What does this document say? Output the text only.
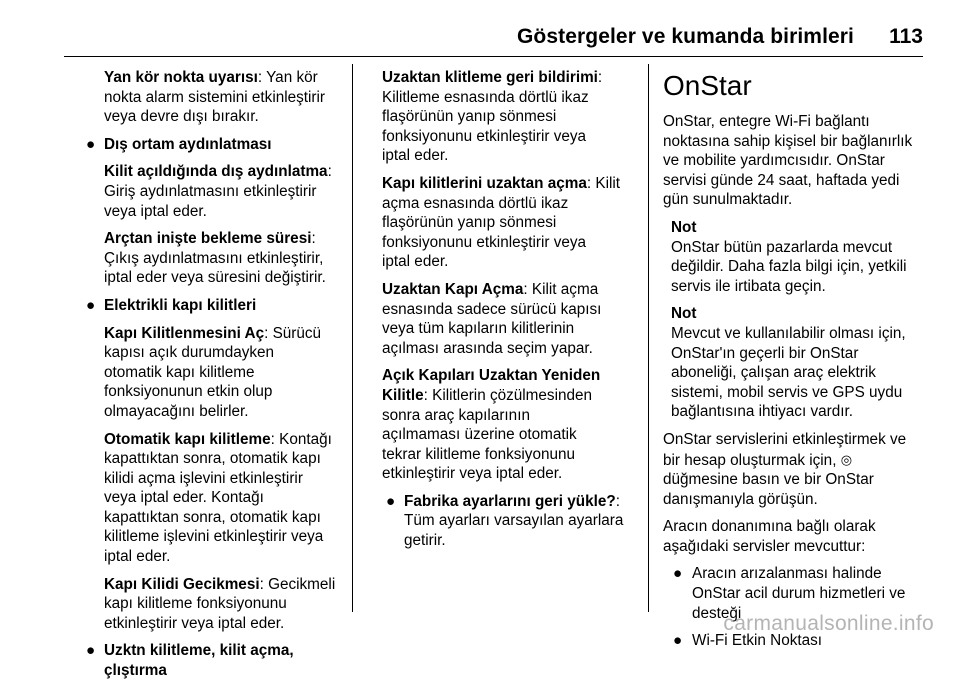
Göstergeler ve kumanda birimleri 113
Yan kör nokta uyarısı: Yan kör
nokta alarm sistemini etkinleştirir
veya devre dışı bırakır.
● Dış ortam aydınlatması
Kilit açıldığında dış aydınlatma:
Giriş aydınlatmasını etkinleştirir
veya iptal eder.
Arçtan inişte bekleme süresi:
Çıkış aydınlatmasını etkinleştirir,
iptal eder veya süresini değiştirir.
● Elektrikli kapı kilitleri
Kapı Kilitlenmesini Aç: Sürücü
kapısı açık durumdayken
otomatik kapı kilitleme
fonksiyonunun etkin olup
olmayacağını belirler.
Otomatik kapı kilitleme: Kontağı
kapattıktan sonra, otomatik kapı
kilidi açma işlevini etkinleştirir
veya iptal eder. Kontağı
kapattıktan sonra, otomatik kapı
kilitleme işlevini etkinleştirir veya
iptal eder.
Kapı Kilidi Gecikmesi: Gecikmeli
kapı kilitleme fonksiyonunu
etkinleştirir veya iptal eder.
● Uzktn kilitleme, kilit açma,
çlıştırma
Uzaktan klitleme geri bildirimi:
Kilitleme esnasında dörtlü ikaz
flaşörünün yanıp sönmesi
fonksiyonunu etkinleştirir veya
iptal eder.
Kapı kilitlerini uzaktan açma: Kilit
açma esnasında dörtlü ikaz
flaşörünün yanıp sönmesi
fonksiyonunu etkinleştirir veya
iptal eder.
Uzaktan Kapı Açma: Kilit açma
esnasında sadece sürücü kapısı
veya tüm kapıların kilitlerinin
açılması arasında seçim yapar.
Açık Kapıları Uzaktan Yeniden
Kilitle: Kilitlerin çözülmesinden
sonra araç kapılarının
açılmaması üzerine otomatik
tekrar kilitleme fonksiyonunu
etkinleştirir veya iptal eder.
● Fabrika ayarlarını geri yükle?:
Tüm ayarları varsayılan ayarlara
getirir.
OnStar
OnStar, entegre Wi-Fi bağlantı
noktasına sahip kişisel bir bağlanırlık
ve mobilite yardımcısıdır. OnStar
servisi günde 24 saat, haftada yedi
gün sunulmaktadır.
Not
OnStar bütün pazarlarda mevcut
değildir. Daha fazla bilgi için, yetkili
servis ile irtibata geçin.
Not
Mevcut ve kullanılabilir olması için,
OnStar'ın geçerli bir OnStar
aboneliği, çalışan araç elektrik
sistemi, mobil servis ve GPS uydu
bağlantısına ihtiyacı vardır.
OnStar servislerini etkinleştirmek ve
bir hesap oluşturmak için, ◎
düğmesine basın ve bir OnStar
danışmanıyla görüşün.
Aracın donanımına bağlı olarak
aşağıdaki servisler mevcuttur:
● Aracın arızalanması halinde
OnStar acil durum hizmetleri ve
desteği
● Wi-Fi Etkin Noktası
carmanualsonline.info
